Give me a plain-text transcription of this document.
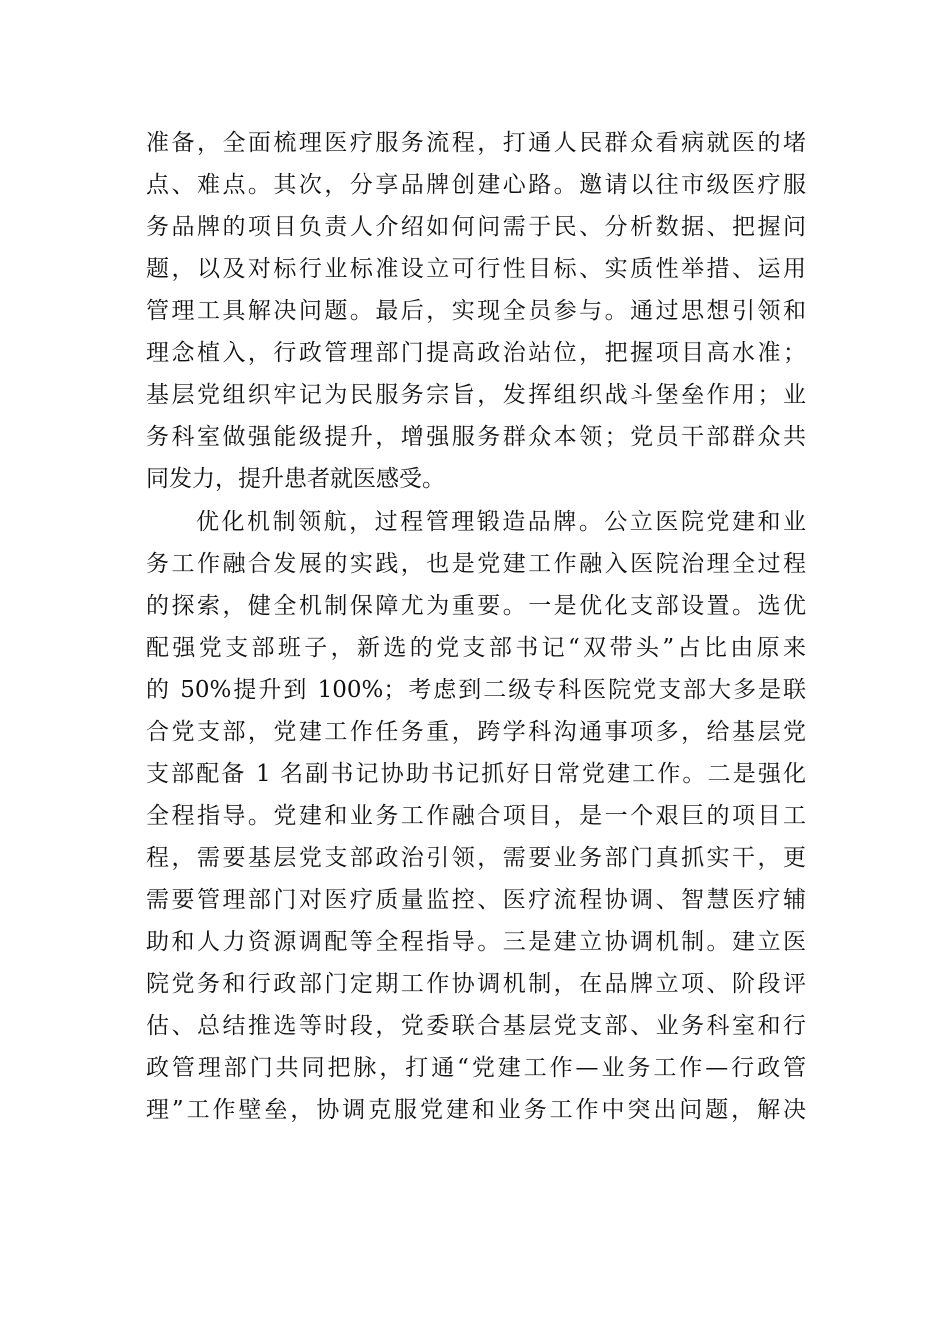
准备，全面梳理医疗服务流程，打通人民群众看病就医的堵
点、难点。其次，分享品牌创建心路。邀请以往市级医疗服
务品牌的项目负责人介绍如何问需于民、分析数据、把握问
题，以及对标行业标准设立可行性目标、实质性举措、运用
管理工具解决问题。最后，实现全员参与。通过思想引领和
理念植入，行政管理部门提高政治站位，把握项目高水准；
基层党组织牢记为民服务宗旨，发挥组织战斗堡垒作用；业
务科室做强能级提升，增强服务群众本领；党员干部群众共
同发力，提升患者就医感受。
优化机制领航，过程管理锻造品牌。公立医院党建和业
务工作融合发展的实践，也是党建工作融入医院治理全过程
的探索，健全机制保障尤为重要。一是优化支部设置。选优
配强党支部班子，新选的党支部书记“双带头”占比由原来
的 50%提升到 100%；考虑到二级专科医院党支部大多是联
合党支部，党建工作任务重，跨学科沟通事项多，给基层党
支部配备 1 名副书记协助书记抓好日常党建工作。二是强化
全程指导。党建和业务工作融合项目，是一个艰巨的项目工
程，需要基层党支部政治引领，需要业务部门真抓实干，更
需要管理部门对医疗质量监控、医疗流程协调、智慧医疗辅
助和人力资源调配等全程指导。三是建立协调机制。建立医
院党务和行政部门定期工作协调机制，在品牌立项、阶段评
估、总结推选等时段，党委联合基层党支部、业务科室和行
政管理部门共同把脉，打通“党建工作—业务工作—行政管
理”工作壁垒，协调克服党建和业务工作中突出问题，解决
